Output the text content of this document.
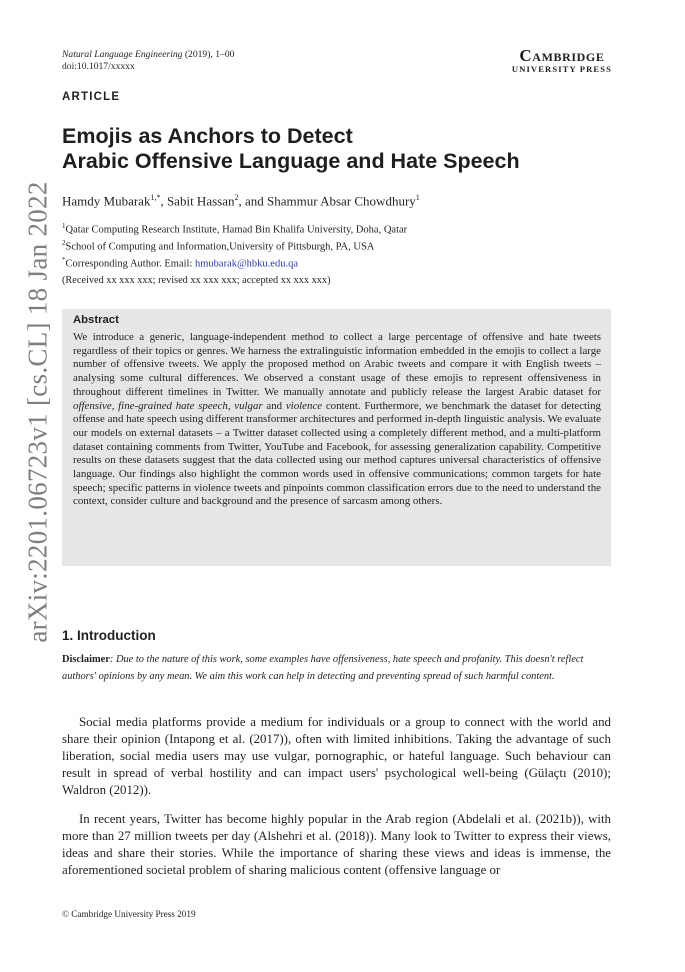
Natural Language Engineering (2019), 1–00
doi:10.1017/xxxxx
Cambridge
UNIVERSITY PRESS
ARTICLE
Emojis as Anchors to Detect
Arabic Offensive Language and Hate Speech
Hamdy Mubarak$^{1,*}$, Sabit Hassan$^2$, and Shammur Absar Chowdhury$^1$
$^1$Qatar Computing Research Institute, Hamad Bin Khalifa University, Doha, Qatar
$^2$School of Computing and Information,University of Pittsburgh, PA, USA
*Corresponding Author. Email: hmubarak@hbku.edu.qa
(Received xx xxx xxx; revised xx xxx xxx; accepted xx xxx xxx)
Abstract
We introduce a generic, language-independent method to collect a large percentage of offensive and hate tweets regardless of their topics or genres. We harness the extralinguistic information embedded in the emojis to collect a large number of offensive tweets. We apply the proposed method on Arabic tweets and compare it with English tweets – analysing some cultural differences. We observed a constant usage of these emojis to represent offensiveness in throughout different timelines in Twitter. We manually annotate and publicly release the largest Arabic dataset for offensive, fine-grained hate speech, vulgar and violence content. Furthermore, we benchmark the dataset for detecting offense and hate speech using different transformer architectures and performed in-depth linguistic analysis. We evaluate our models on external datasets – a Twitter dataset collected using a completely different method, and a multi-platform dataset containing comments from Twitter, YouTube and Facebook, for assessing generalization capability. Competitive results on these datasets suggest that the data collected using our method captures universal characteristics of offensive language. Our findings also highlight the common words used in offensive communications; common targets for hate speech; specific patterns in violence tweets and pinpoints common classification errors due to the need to understand the context, consider culture and background and the presence of sarcasm among others.
arXiv:2201.06723v1 [cs.CL] 18 Jan 2022 1. Introduction
Disclaimer: Due to the nature of this work, some examples have offensiveness, hate speech and profanity. This doesn't reflect authors' opinions by any mean. We aim this work can help in detecting and preventing spread of such harmful content.
Social media platforms provide a medium for individuals or a group to connect with the world and share their opinion (Intapong et al. (2017)), often with limited inhibitions. Taking the advantage of such liberation, social media users may use vulgar, pornographic, or hateful language. Such behaviour can result in spread of verbal hostility and can impact users' psychological well-being (Gülaçtı (2010); Waldron (2012)).
In recent years, Twitter has become highly popular in the Arab region (Abdelali et al. (2021b)), with more than 27 million tweets per day (Alshehri et al. (2018)). Many look to Twitter to express their views, ideas and share their stories. While the importance of sharing these views and ideas is immense, the aforementioned societal problem of sharing malicious content (offensive language or
© Cambridge University Press 2019
